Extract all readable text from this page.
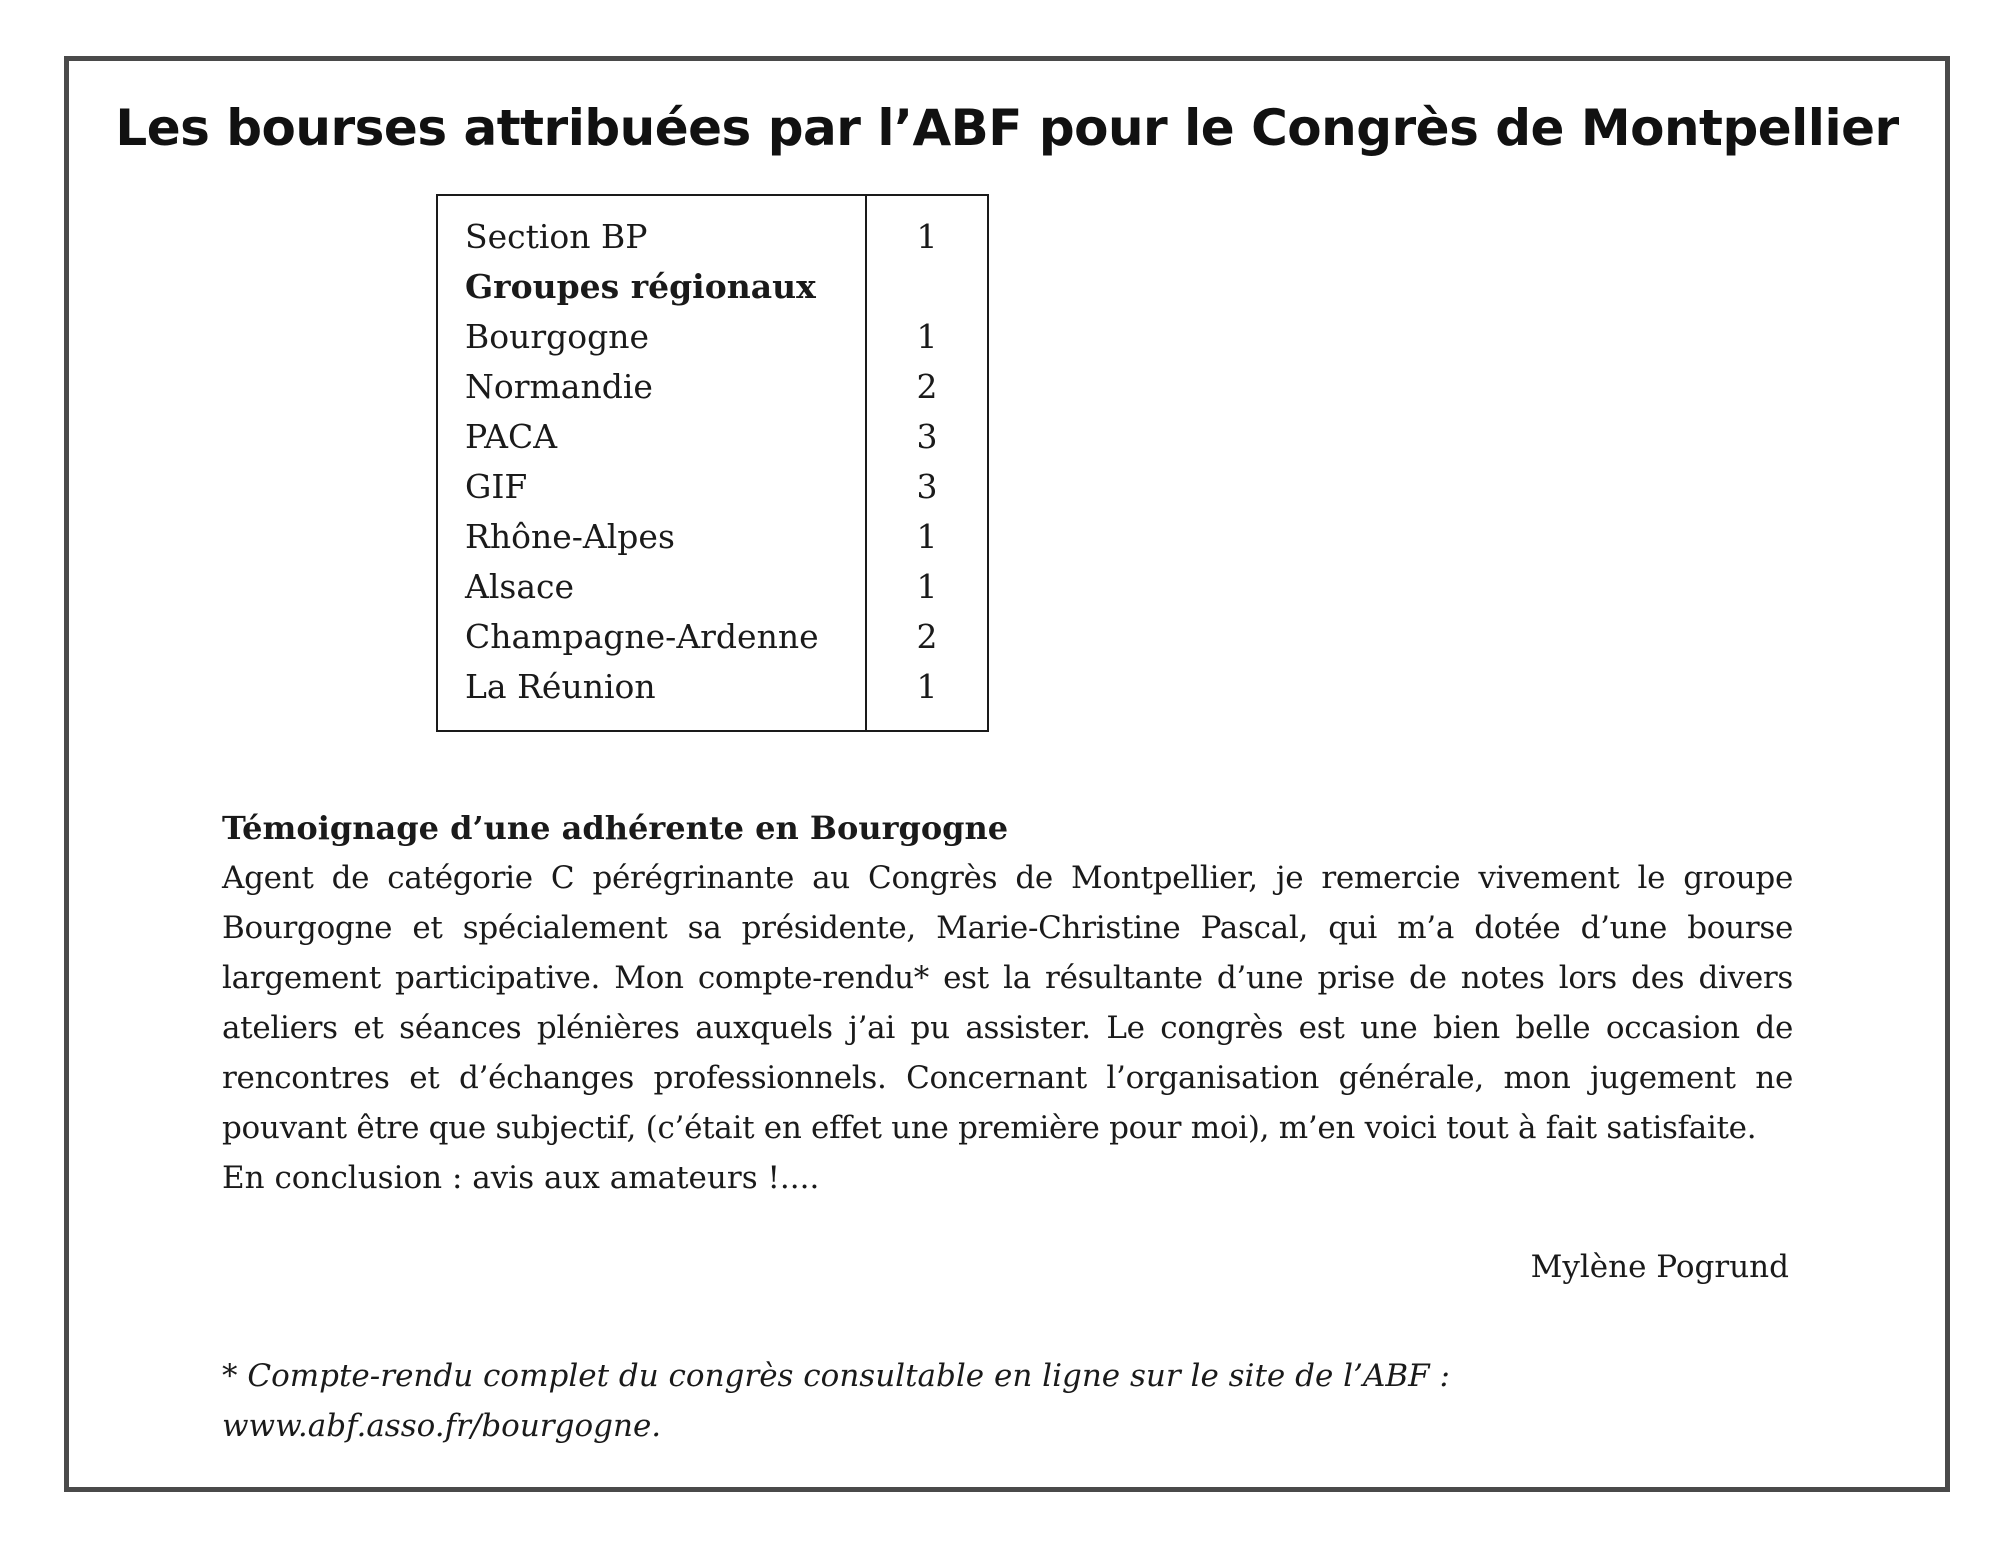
Les bourses attribuées par l’ABF pour le Congrès de Montpellier
Section BP	1
Groupes régionaux	
Bourgogne	1
Normandie	2
PACA	3
GIF	3
Rhône-Alpes	1
Alsace	1
Champagne-Ardenne	2
La Réunion	1

Témoignage d’une adhérente en Bourgogne

Agent de catégorie C pérégrinante au Congrès de Montpellier, je remercie vivement le groupe Bourgogne et spécialement sa présidente, Marie-Christine Pascal, qui m’a dotée d’une bourse largement participative. Mon compte-rendu* est la résultante d’une prise de notes lors des divers ateliers et séances plénières auxquels j’ai pu assister. Le congrès est une bien belle occasion de rencontres et d’échanges professionnels. Concernant l’organisation générale, mon jugement ne pouvant être que subjectif, (c’était en effet une première pour moi), m’en voici tout à fait satisfaite.

En conclusion : avis aux amateurs !....

Mylène Pogrund

* Compte-rendu complet du congrès consultable en ligne sur le site de l’ABF :
www.abf.asso.fr/bourgogne.
